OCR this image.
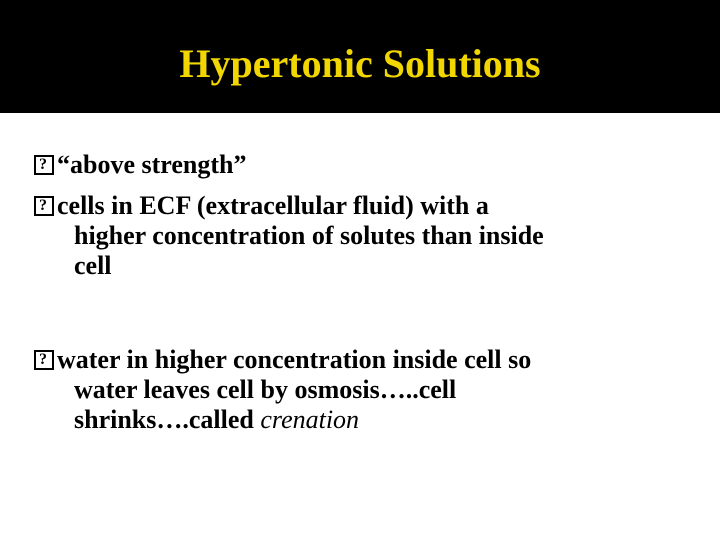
Hypertonic Solutions
?“above strength”
?cells in ECF (extracellular fluid) with a
higher concentration of solutes than inside
cell
?water in higher concentration inside cell so
water leaves cell by osmosis…..cell
shrinks….called crenation
